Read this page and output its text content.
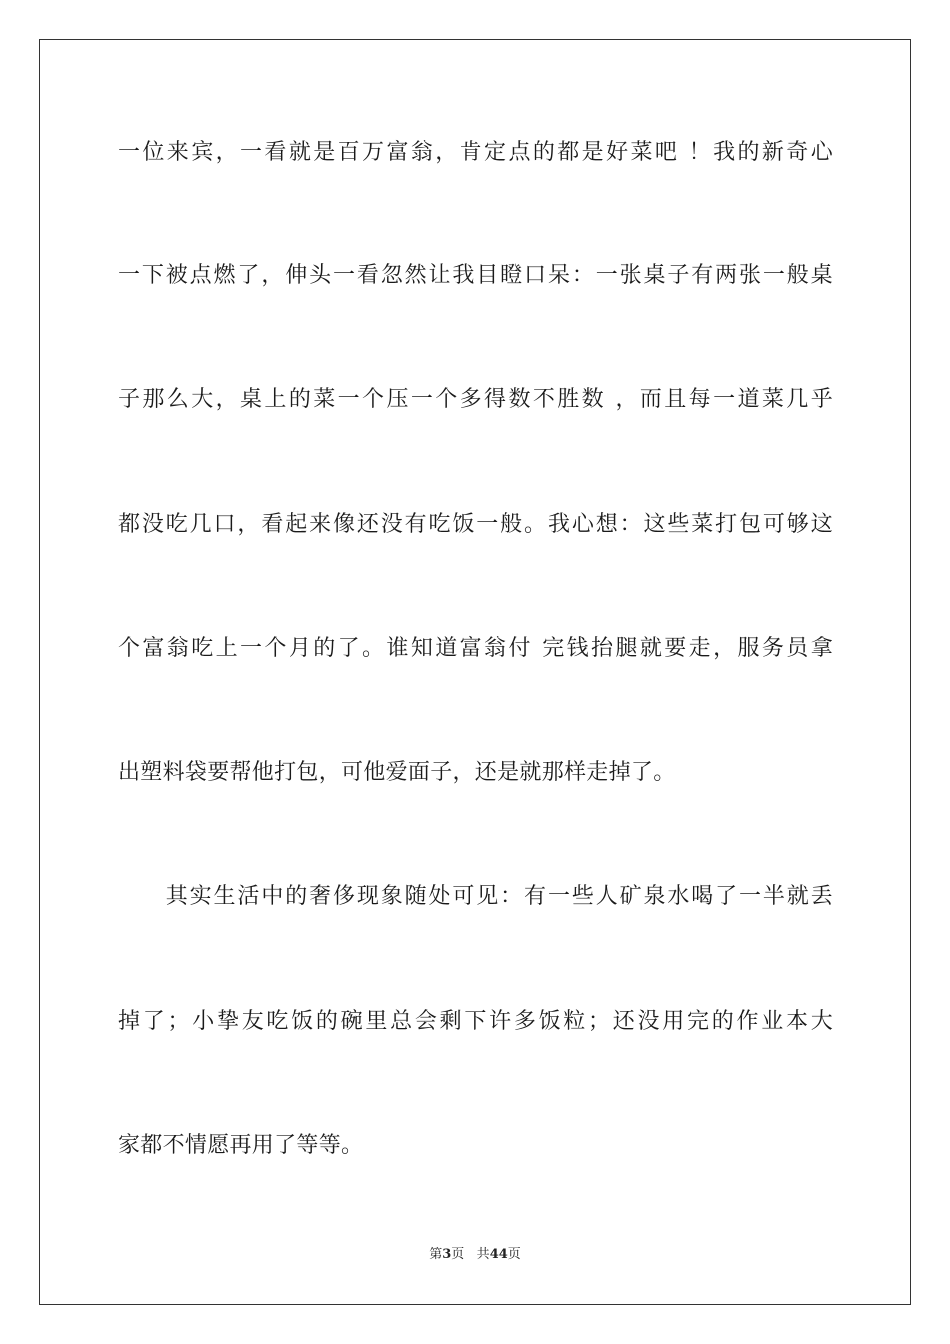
一位来宾，一看就是百万富翁，肯定点的都是好菜吧 ！我的新奇心
一下被点燃了，伸头一看忽然让我目瞪口呆：一张桌子有两张一般桌
子那么大，桌上的菜一个压一个多得数不胜数 ，而且每一道菜几乎
都没吃几口，看起来像还没有吃饭一般。我心想：这些菜打包可够这
个富翁吃上一个月的了。谁知道富翁付 完钱抬腿就要走，服务员拿
出塑料袋要帮他打包，可他爱面子，还是就那样走掉了。
　　其实生活中的奢侈现象随处可见：有一些人矿泉水喝了一半就丢
掉了；小挚友吃饭的碗里总会剩下许多饭粒；还没用完的作业本大
家都不情愿再用了等等。
第3页 共44页
